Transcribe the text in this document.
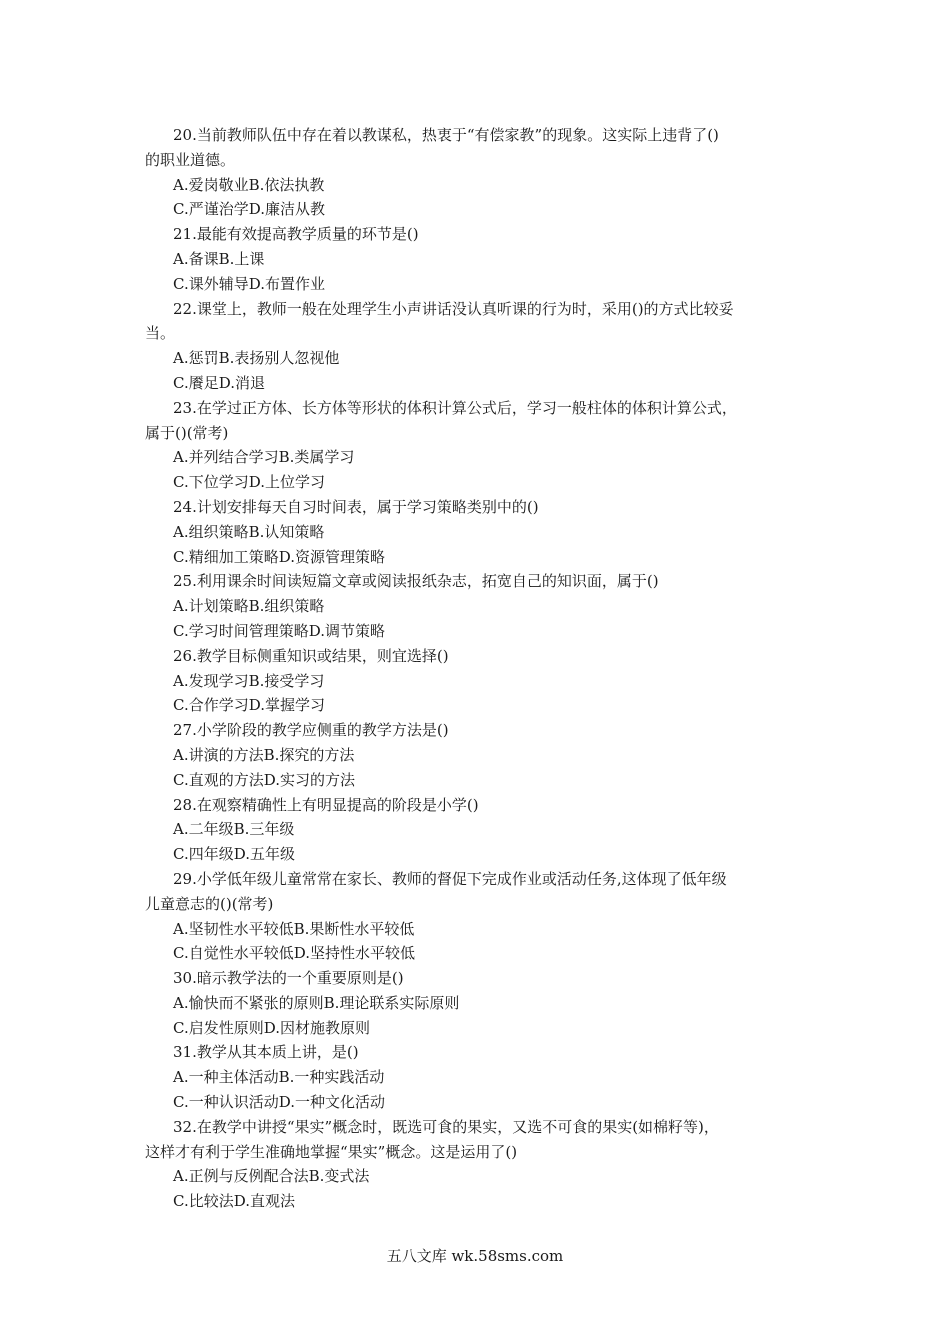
20.当前教师队伍中存在着以教谋私，热衷于“有偿家教”的现象。这实际上违背了()
的职业道德。
A.爱岗敬业B.依法执教
C.严谨治学D.廉洁从教
21.最能有效提高教学质量的环节是()
A.备课B.上课
C.课外辅导D.布置作业
22.课堂上，教师一般在处理学生小声讲话没认真听课的行为时，采用()的方式比较妥
当。
A.惩罚B.表扬别人忽视他
C.餍足D.消退
23.在学过正方体、长方体等形状的体积计算公式后，学习一般柱体的体积计算公式，
属于()(常考)
A.并列结合学习B.类属学习
C.下位学习D.上位学习
24.计划安排每天自习时间表，属于学习策略类别中的()
A.组织策略B.认知策略
C.精细加工策略D.资源管理策略
25.利用课余时间读短篇文章或阅读报纸杂志，拓宽自己的知识面，属于()
A.计划策略B.组织策略
C.学习时间管理策略D.调节策略
26.教学目标侧重知识或结果，则宜选择()
A.发现学习B.接受学习
C.合作学习D.掌握学习
27.小学阶段的教学应侧重的教学方法是()
A.讲演的方法B.探究的方法
C.直观的方法D.实习的方法
28.在观察精确性上有明显提高的阶段是小学()
A.二年级B.三年级
C.四年级D.五年级
29.小学低年级儿童常常在家长、教师的督促下完成作业或活动任务,这体现了低年级
儿童意志的()(常考)
A.坚韧性水平较低B.果断性水平较低
C.自觉性水平较低D.坚持性水平较低
30.暗示教学法的一个重要原则是()
A.愉快而不紧张的原则B.理论联系实际原则
C.启发性原则D.因材施教原则
31.教学从其本质上讲，是()
A.一种主体活动B.一种实践活动
C.一种认识活动D.一种文化活动
32.在教学中讲授“果实”概念时，既选可食的果实，又选不可食的果实(如棉籽等)，
这样才有利于学生准确地掌握“果实”概念。这是运用了()
A.正例与反例配合法B.变式法
C.比较法D.直观法
五八文库 wk.58sms.com
